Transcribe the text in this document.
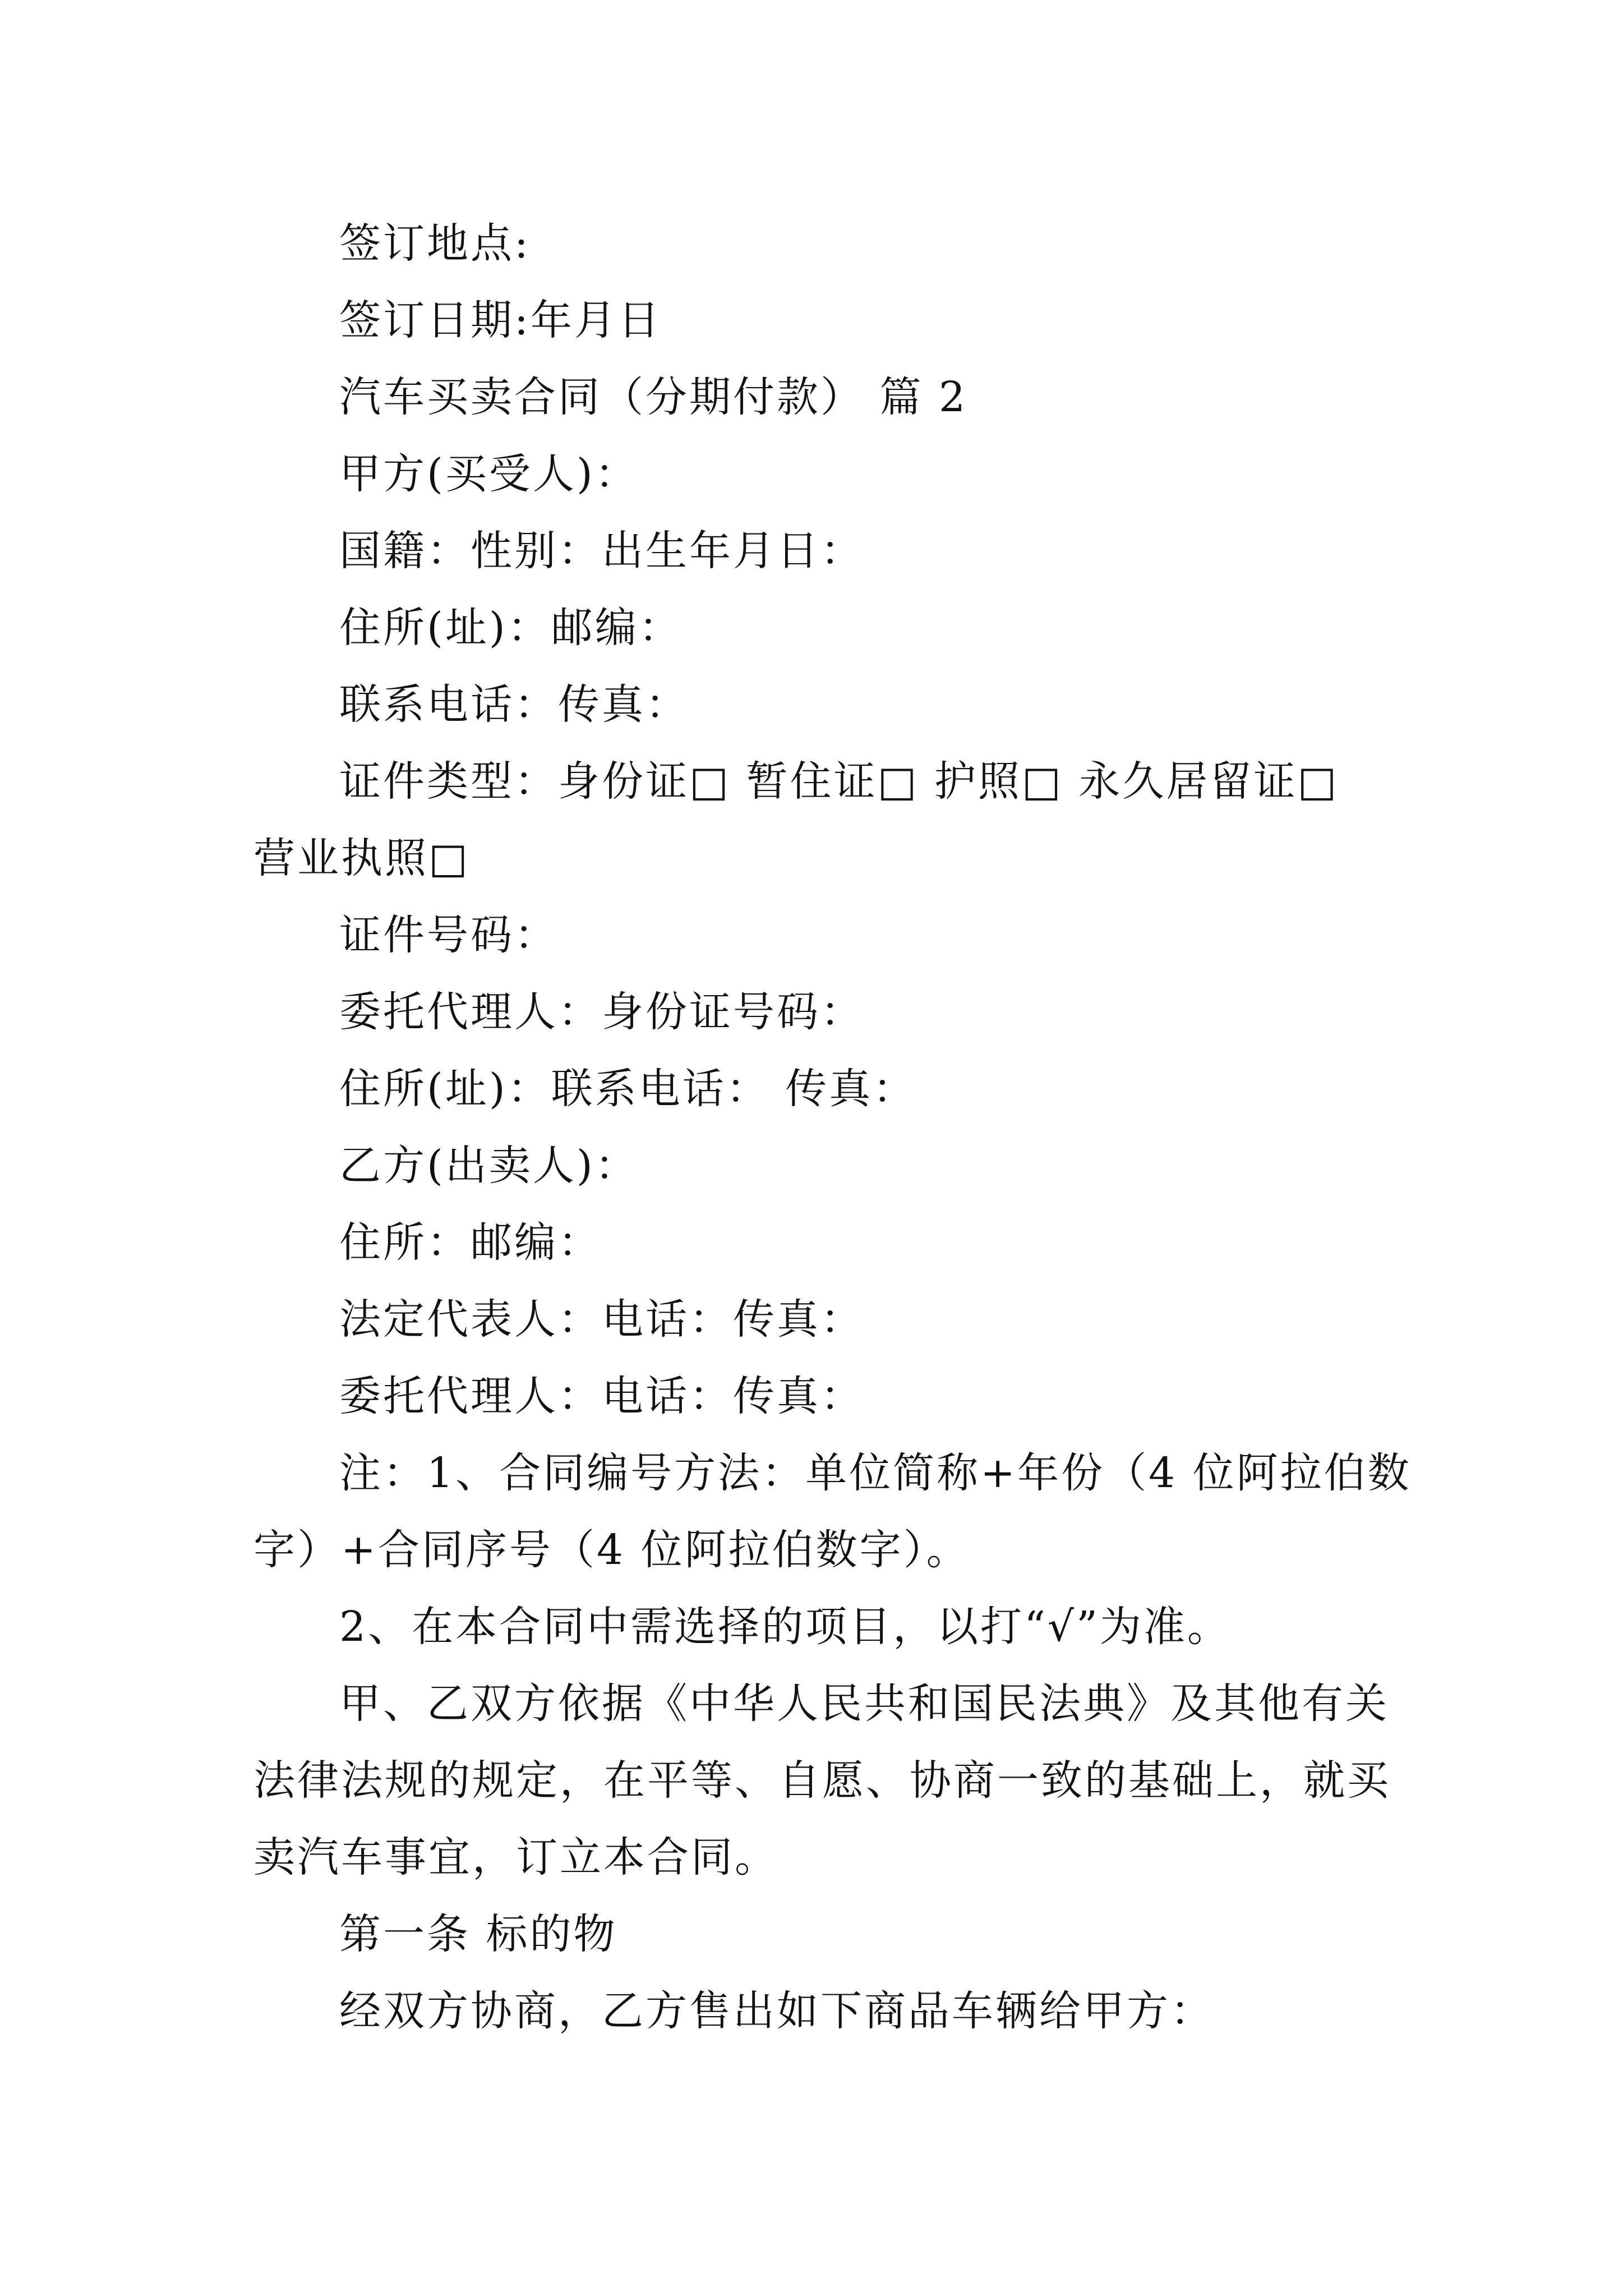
签订地点:
签订日期:年月日
汽车买卖合同（分期付款） 篇 2
甲方(买受人)：
国籍：性别：出生年月日：
住所(址)：邮编：
联系电话：传真：
证件类型：身份证□ 暂住证□ 护照□ 永久居留证□
营业执照□
证件号码：
委托代理人：身份证号码：
住所(址)：联系电话： 传真：
乙方(出卖人)：
住所：邮编：
法定代表人：电话：传真：
委托代理人：电话：传真：
注：1、合同编号方法：单位简称+年份（4 位阿拉伯数
字）+合同序号（4 位阿拉伯数字）。
2、在本合同中需选择的项目，以打“√”为准。
甲、乙双方依据《中华人民共和国民法典》及其他有关
法律法规的规定，在平等、自愿、协商一致的基础上，就买
卖汽车事宜，订立本合同。
第一条 标的物
经双方协商，乙方售出如下商品车辆给甲方：
